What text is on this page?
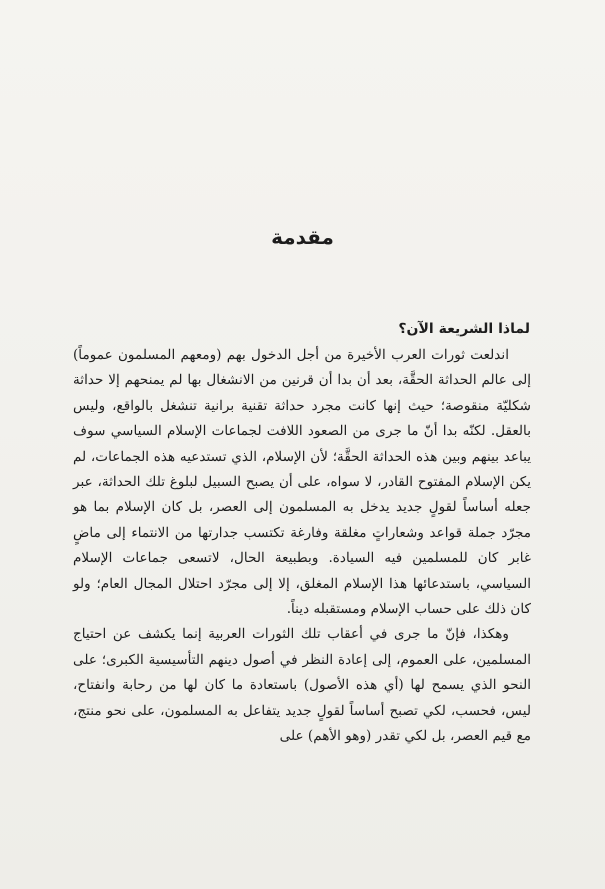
مقدمة
لماذا الشريعة الآن؟

اندلعت ثورات العرب الأخيرة من أجل الدخول بهم (ومعهم المسلمون عموماً) إلى عالم الحداثة الحقَّة، بعد أن بدا أن قرنين من الانشغال بها لم يمنحهم إلا حداثة شكليّة منقوصة؛ حيث إنها كانت مجرد حداثة تقنية برانية تنشغل بالواقع، وليس بالعقل. لكنّه بدا أنّ ما جرى من الصعود اللافت لجماعات الإسلام السياسي سوف يباعد بينهم وبين هذه الحداثة الحقَّة؛ لأن الإسلام، الذي تستدعيه هذه الجماعات، لم يكن الإسلام المفتوح القادر، لا سواه، على أن يصبح السبيل لبلوغ تلك الحداثة، عبر جعله أساساً لقولٍ جديد يدخل به المسلمون إلى العصر، بل كان الإسلام بما هو مجرّد جملة قواعد وشعاراتٍ مغلقة وفارغة تكتسب جدارتها من الانتماء إلى ماضٍ غابر كان للمسلمين فيه السيادة. وبطبيعة الحال، لاتسعى جماعات الإسلام السياسي، باستدعائها هذا الإسلام المغلق، إلا إلى مجرّد احتلال المجال العام؛ ولو كان ذلك على حساب الإسلام ومستقبله ديناً.

وهكذا، فإنّ ما جرى في أعقاب تلك الثورات العربية إنما يكشف عن احتياج المسلمين، على العموم، إلى إعادة النظر في أصول دينهم التأسيسية الكبرى؛ على النحو الذي يسمح لها (أي هذه الأصول) باستعادة ما كان لها من رحابة وانفتاح، ليس، فحسب، لكي تصبح أساساً لقولٍ جديد يتفاعل به المسلمون، على نحو منتج، مع قيم العصر، بل لكي تقدر (وهو الأهم) على
